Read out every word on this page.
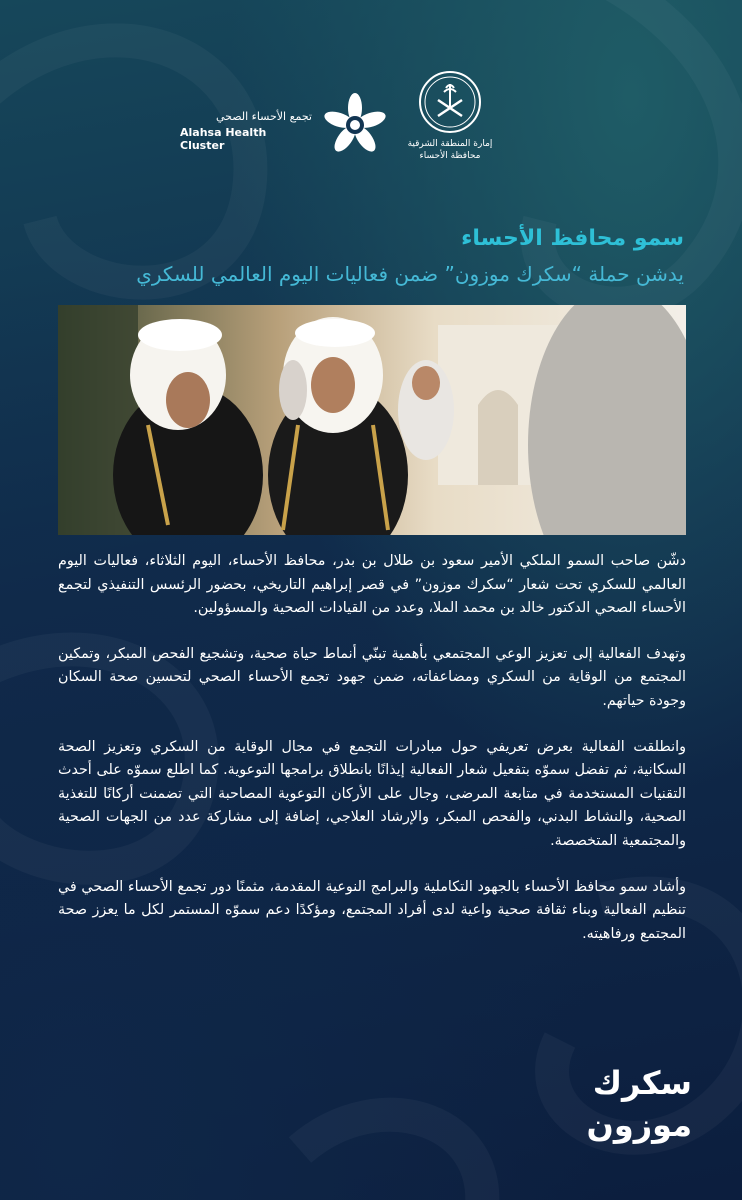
تجمع الأحساء الصحي
Alahsa Health Cluster	إمارة المنطقة الشرقية
محافظة الأحساء
سمو محافظ الأحساء
يدشن حملة “سكرك موزون” ضمن فعاليات اليوم العالمي للسكري

دشّن صاحب السمو الملكي الأمير سعود بن طلال بن بدر، محافظ الأحساء، اليوم الثلاثاء، فعاليات اليوم العالمي للسكري تحت شعار “سكرك موزون” في قصر إبراهيم التاريخي، بحضور الرئسس التنفيذي لتجمع الأحساء الصحي الدكتور خالد بن محمد الملا، وعدد من القيادات الصحية والمسؤولين.

وتهدف الفعالية إلى تعزيز الوعي المجتمعي بأهمية تبنّي أنماط حياة صحية، وتشجيع الفحص المبكر، وتمكين المجتمع من الوقاية من السكري ومضاعفاته، ضمن جهود تجمع الأحساء الصحي لتحسين صحة السكان وجودة حياتهم.

وانطلقت الفعالية بعرض تعريفي حول مبادرات التجمع في مجال الوقاية من السكري وتعزيز الصحة السكانية، ثم تفضل سموّه بتفعيل شعار الفعالية إيذانًا بانطلاق برامجها التوعوية. كما اطلع سموّه على أحدث التقنيات المستخدمة في متابعة المرضى، وجال على الأركان التوعوية المصاحبة التي تضمنت أركانًا للتغذية الصحية، والنشاط البدني، والفحص المبكر، والإرشاد العلاجي، إضافة إلى مشاركة عدد من الجهات الصحية والمجتمعية المتخصصة.

وأشاد سمو محافظ الأحساء بالجهود التكاملية والبرامج النوعية المقدمة، مثمنًا دور تجمع الأحساء الصحي في تنظيم الفعالية وبناء ثقافة صحية واعية لدى أفراد المجتمع، ومؤكدًا دعم سموّه المستمر لكل ما يعزز صحة المجتمع ورفاهيته.

سكرك
موزون
